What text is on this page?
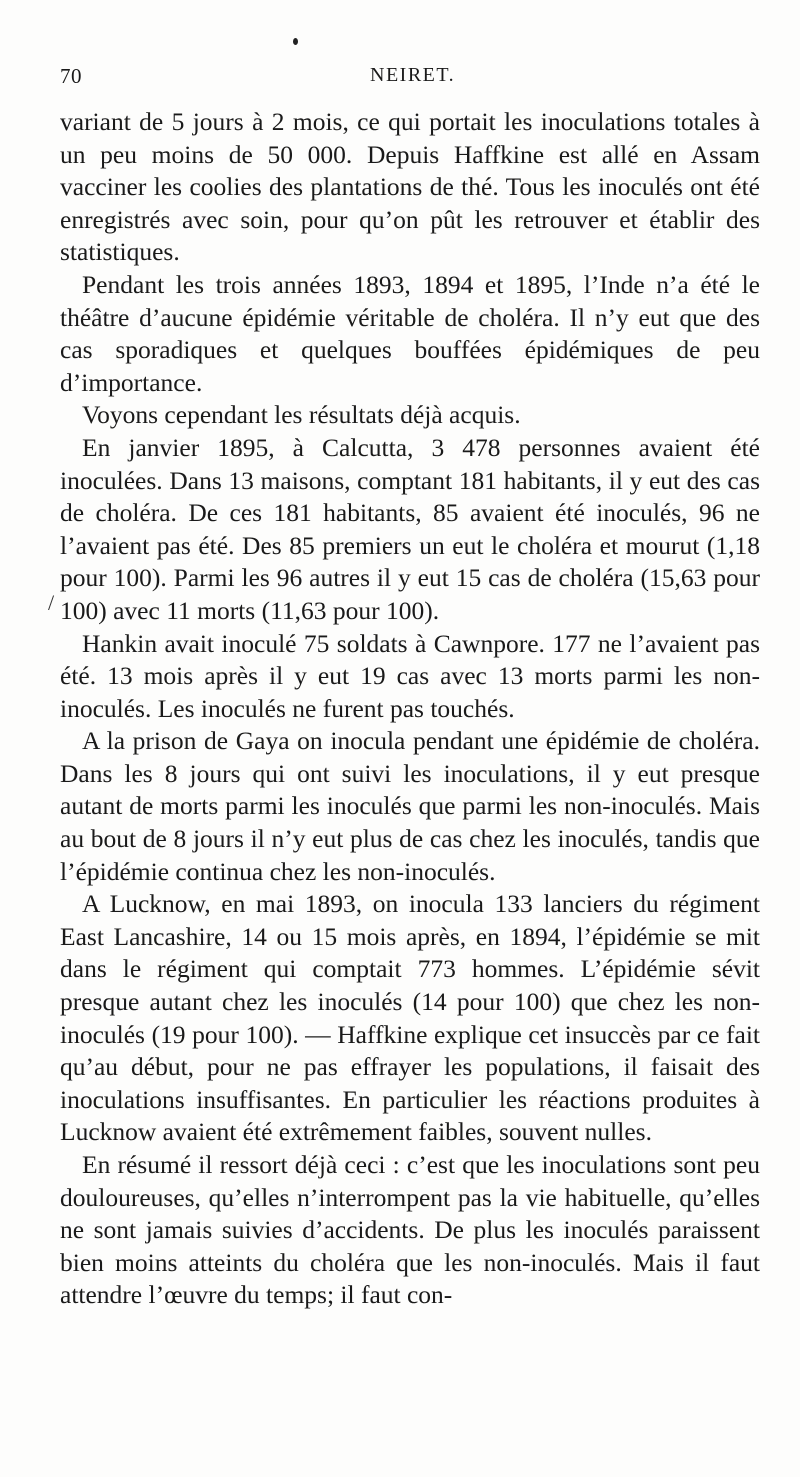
70	NEIRET.
/

variant de 5 jours à 2 mois, ce qui portait les inoculations totales à un peu moins de 50 000. Depuis Haffkine est allé en Assam vacciner les coolies des plantations de thé. Tous les inoculés ont été enregistrés avec soin, pour qu’on pût les retrouver et établir des statistiques.

Pendant les trois années 1893, 1894 et 1895, l’Inde n’a été le théâtre d’aucune épidémie véritable de choléra. Il n’y eut que des cas sporadiques et quelques bouffées épidémiques de peu d’importance.

Voyons cependant les résultats déjà acquis.

En janvier 1895, à Calcutta, 3 478 personnes avaient été inoculées. Dans 13 maisons, comptant 181 habitants, il y eut des cas de choléra. De ces 181 habitants, 85 avaient été inoculés, 96 ne l’avaient pas été. Des 85 premiers un eut le choléra et mourut (1,18 pour 100). Parmi les 96 autres il y eut 15 cas de choléra (15,63 pour 100) avec 11 morts (11,63 pour 100).

Hankin avait inoculé 75 soldats à Cawnpore. 177 ne l’avaient pas été. 13 mois après il y eut 19 cas avec 13 morts parmi les non-inoculés. Les inoculés ne furent pas touchés.

A la prison de Gaya on inocula pendant une épidémie de choléra. Dans les 8 jours qui ont suivi les inoculations, il y eut presque autant de morts parmi les inoculés que parmi les non-inoculés. Mais au bout de 8 jours il n’y eut plus de cas chez les inoculés, tandis que l’épidémie continua chez les non-inoculés.

A Lucknow, en mai 1893, on inocula 133 lanciers du régiment East Lancashire, 14 ou 15 mois après, en 1894, l’épidémie se mit dans le régiment qui comptait 773 hommes. L’épidémie sévit presque autant chez les inoculés (14 pour 100) que chez les non-inoculés (19 pour 100). — Haffkine explique cet insuccès par ce fait qu’au début, pour ne pas effrayer les populations, il faisait des inoculations insuffisantes. En particulier les réactions produites à Lucknow avaient été extrêmement faibles, souvent nulles.

En résumé il ressort déjà ceci : c’est que les inoculations sont peu douloureuses, qu’elles n’interrompent pas la vie habituelle, qu’elles ne sont jamais suivies d’accidents. De plus les inoculés paraissent bien moins atteints du choléra que les non-inoculés. Mais il faut attendre l’œuvre du temps; il faut con-
